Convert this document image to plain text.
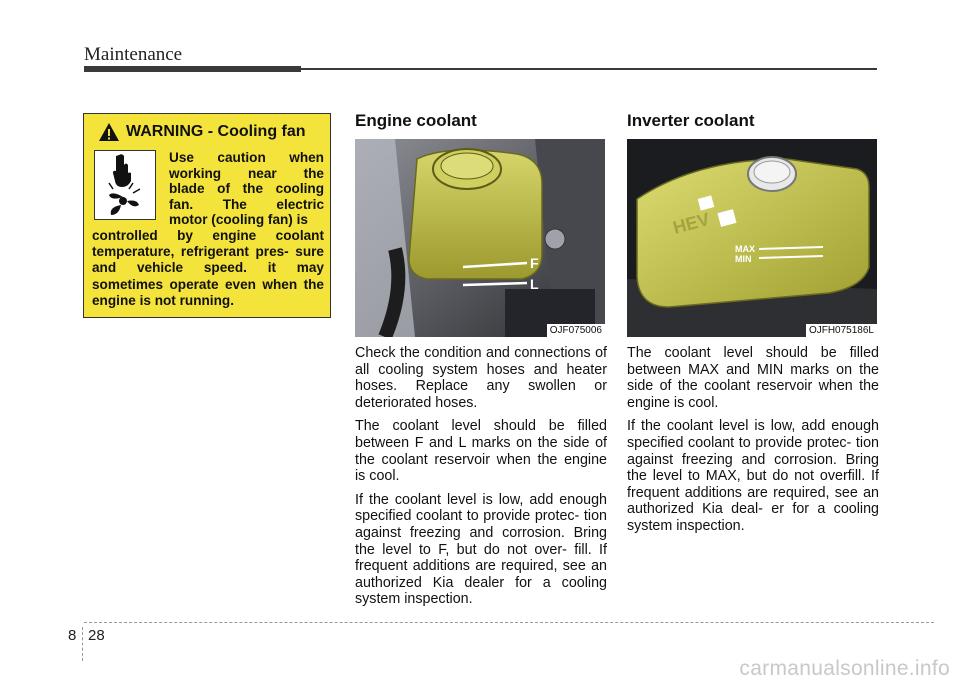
Maintenance
WARNING - Cooling fan
Use caution when
working near the
blade of the cooling
fan. The electric
motor (cooling fan) is
controlled by engine coolant temperature, refrigerant pres- sure and vehicle speed. it may sometimes operate even when the engine is not running.
Engine coolant
F
L
OJF075006

Check the condition and connections of all cooling system hoses and heater hoses. Replace any swollen or deteriorated hoses.

The coolant level should be filled between F and L marks on the side of the coolant reservoir when the engine is cool.

If the coolant level is low, add enough specified coolant to provide protec- tion against freezing and corrosion. Bring the level to F, but do not over- fill. If frequent additions are required, see an authorized Kia dealer for a cooling system inspection.

Inverter coolant
HEV
MAX
MIN
OJFH075186L

The coolant level should be filled between MAX and MIN marks on the side of the coolant reservoir when the engine is cool.

If the coolant level is low, add enough specified coolant to provide protec- tion against freezing and corrosion. Bring the level to MAX, but do not overfill. If frequent additions are required, see an authorized Kia deal- er for a cooling system inspection.

8 28
carmanualsonline.info
